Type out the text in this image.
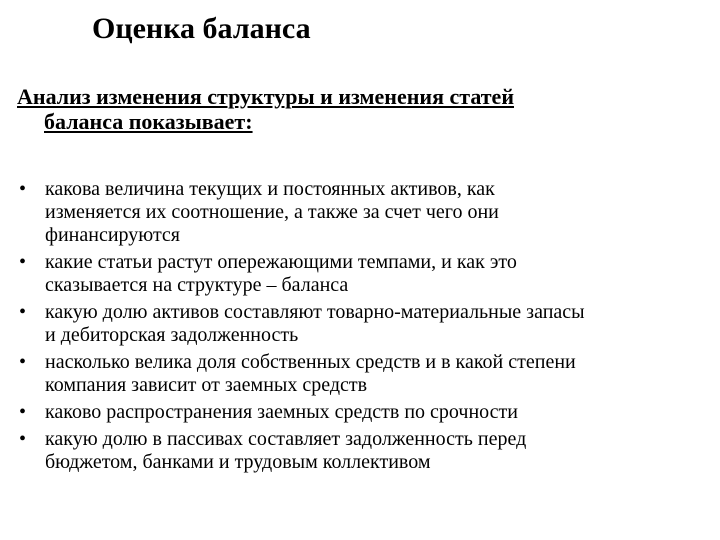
Оценка баланса
Анализ изменения структуры и изменения статей
баланса показывает:
• какова величина текущих и постоянных активов, как
изменяется их соотношение, а также за счет чего они
финансируются
• какие статьи растут опережающими темпами, и как это
сказывается на структуре – баланса
• какую долю активов составляют товарно-материальные запасы
и дебиторская задолженность
• насколько велика доля собственных средств и в какой степени
компания зависит от заемных средств
• каково распространения заемных средств по срочности
• какую долю в пассивах составляет задолженность перед
бюджетом, банками и трудовым коллективом
